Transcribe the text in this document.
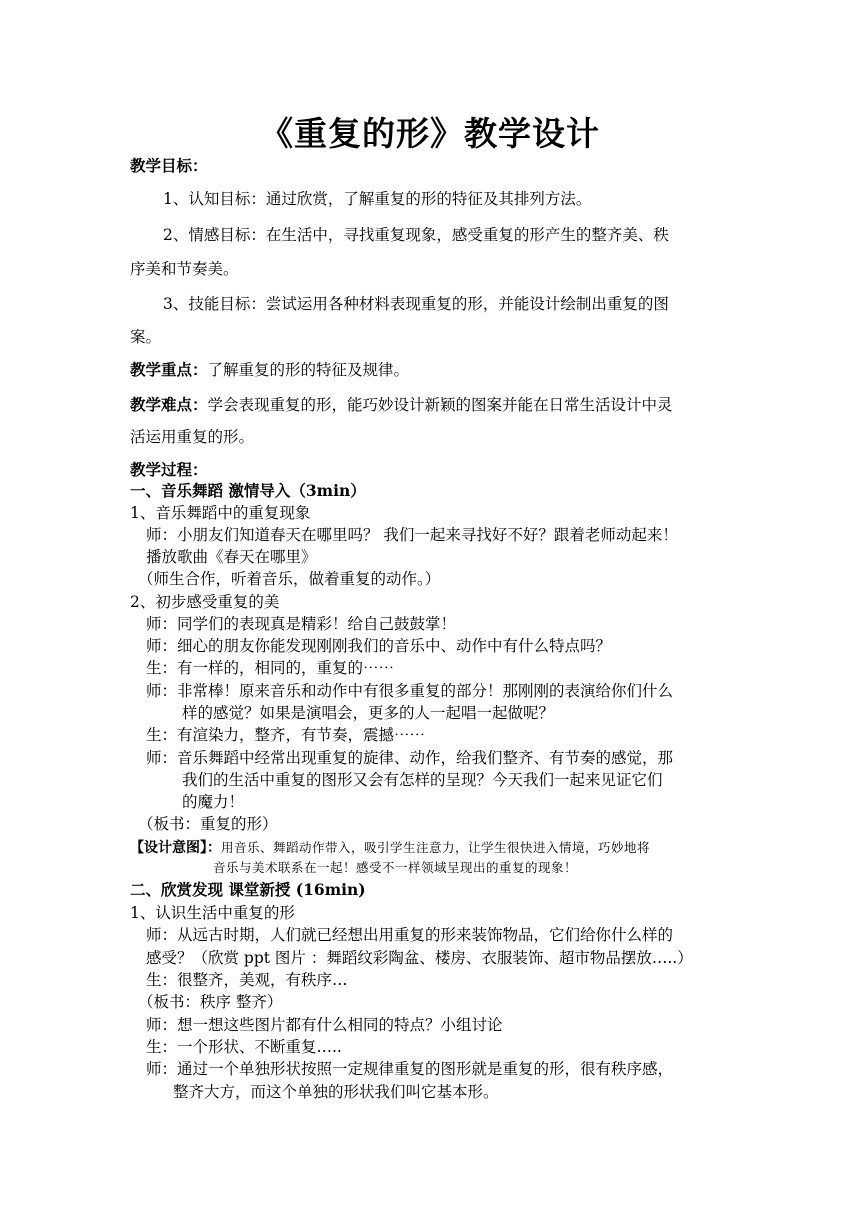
《重复的形》教学设计
教学目标：
1、认知目标：通过欣赏，了解重复的形的特征及其排列方法。
2、情感目标：在生活中，寻找重复现象，感受重复的形产生的整齐美、秩
序美和节奏美。
3、技能目标：尝试运用各种材料表现重复的形，并能设计绘制出重复的图
案。
教学重点：了解重复的形的特征及规律。
教学难点：学会表现重复的形，能巧妙设计新颖的图案并能在日常生活设计中灵
活运用重复的形。
教学过程：
一、音乐舞蹈 激情导入（3min）
1、音乐舞蹈中的重复现象
师：小朋友们知道春天在哪里吗？ 我们一起来寻找好不好？跟着老师动起来！
播放歌曲《春天在哪里》
（师生合作，听着音乐，做着重复的动作。）
2、初步感受重复的美
师：同学们的表现真是精彩！给自己鼓鼓掌！
师：细心的朋友你能发现刚刚我们的音乐中、动作中有什么特点吗？
生：有一样的，相同的，重复的⋯⋯
师：非常棒！原来音乐和动作中有很多重复的部分！那刚刚的表演给你们什么
样的感觉？如果是演唱会，更多的人一起唱一起做呢？
生：有渲染力，整齐，有节奏，震撼⋯⋯
师：音乐舞蹈中经常出现重复的旋律、动作，给我们整齐、有节奏的感觉，那
我们的生活中重复的图形又会有怎样的呈现？今天我们一起来见证它们
的魔力！
（板书：重复的形）
【设计意图】：用音乐、舞蹈动作带入，吸引学生注意力，让学生很快进入情境，巧妙地将
音乐与美术联系在一起！感受不一样领域呈现出的重复的现象！
二、欣赏发现 课堂新授 (16min)
1、认识生活中重复的形
师：从远古时期，人们就已经想出用重复的形来装饰物品，它们给你什么样的
感受？（欣赏 ppt 图片 ：舞蹈纹彩陶盆、楼房、衣服装饰、超市物品摆放…..）
生：很整齐，美观，有秩序…
（板书：秩序 整齐）
师：想一想这些图片都有什么相同的特点？小组讨论
生：一个形状、不断重复…..
师：通过一个单独形状按照一定规律重复的图形就是重复的形，很有秩序感，
整齐大方，而这个单独的形状我们叫它基本形。
